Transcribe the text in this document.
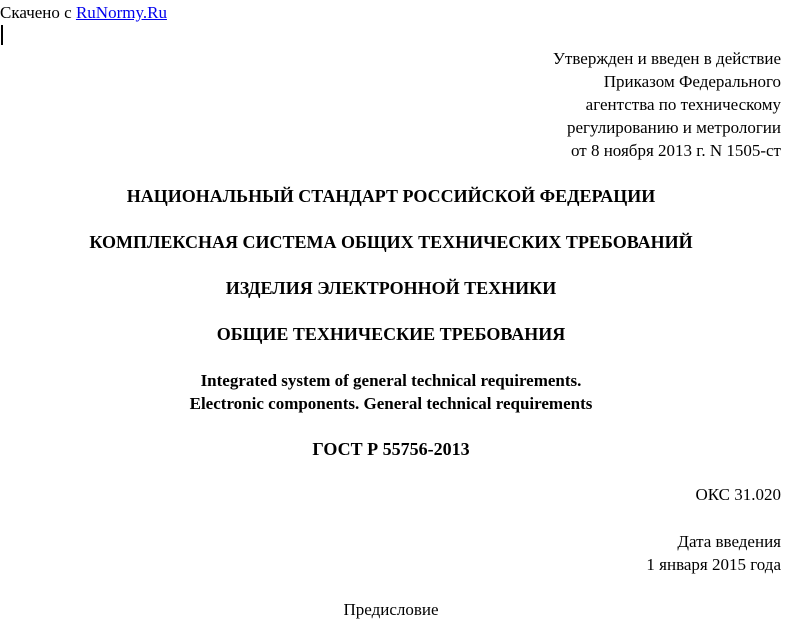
Скачено с RuNormy.Ru
Утвержден и введен в действие
Приказом Федерального
агентства по техническому
регулированию и метрологии
от 8 ноября 2013 г. N 1505-ст
НАЦИОНАЛЬНЫЙ СТАНДАРТ РОССИЙСКОЙ ФЕДЕРАЦИИ
КОМПЛЕКСНАЯ СИСТЕМА ОБЩИХ ТЕХНИЧЕСКИХ ТРЕБОВАНИЙ
ИЗДЕЛИЯ ЭЛЕКТРОННОЙ ТЕХНИКИ
ОБЩИЕ ТЕХНИЧЕСКИЕ ТРЕБОВАНИЯ
Integrated system of general technical requirements.
Electronic components. General technical requirements
ГОСТ Р 55756-2013
ОКС 31.020
Дата введения
1 января 2015 года
Предисловие
